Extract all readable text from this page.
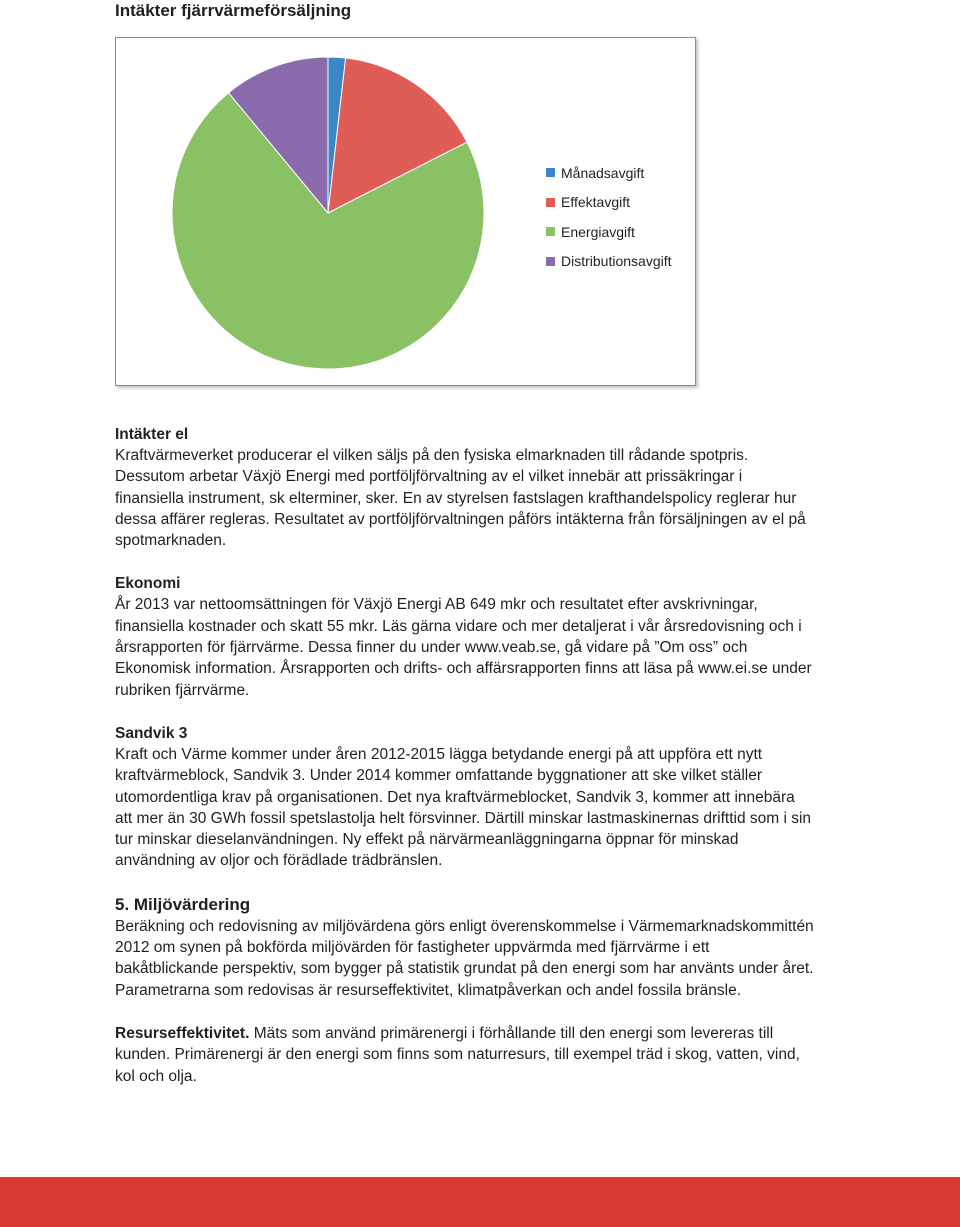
Intäkter fjärrvärmeförsäljning
Månadsavgift
Effektavgift
Energiavgift
Distributionsavgift
Intäkter el

Kraftvärmeverket producerar el vilken säljs på den fysiska elmarknaden till rådande spotpris. Dessutom arbetar Växjö Energi med portföljförvaltning av el vilket innebär att prissäkringar i finansiella instrument, sk elterminer, sker. En av styrelsen fastslagen krafthandelspolicy reglerar hur dessa affärer regleras. Resultatet av portföljförvaltningen påförs intäkterna från försäljningen av el på spotmarknaden.

Ekonomi

År 2013 var nettoomsättningen för Växjö Energi AB 649 mkr och resultatet efter avskrivningar, finansiella kostnader och skatt 55 mkr. Läs gärna vidare och mer detaljerat i vår årsredovisning och i årsrapporten för fjärrvärme. Dessa finner du under www.veab.se, gå vidare på ”Om oss” och Ekonomisk information. Årsrapporten och drifts- och affärsrapporten finns att läsa på www.ei.se under rubriken fjärrvärme.

Sandvik 3

Kraft och Värme kommer under åren 2012-2015 lägga betydande energi på att uppföra ett nytt kraftvärmeblock, Sandvik 3. Under 2014 kommer omfattande byggnationer att ske vilket ställer utomordentliga krav på organisationen. Det nya kraftvärmeblocket, Sandvik 3, kommer att innebära att mer än 30 GWh fossil spetslastolja helt försvinner. Därtill minskar lastmaskinernas drifttid som i sin tur minskar dieselanvändningen. Ny effekt på närvärmeanläggningarna öppnar för minskad användning av oljor och förädlade trädbränslen.

5. Miljövärdering

Beräkning och redovisning av miljövärdena görs enligt överenskommelse i Värmemarknadskommittén 2012 om synen på bokförda miljövärden för fastigheter uppvärmda med fjärrvärme i ett bakåtblickande perspektiv, som bygger på statistik grundat på den energi som har använts under året. Parametrarna som redovisas är resurseffektivitet, klimatpåverkan och andel fossila bränsle.

Resurseffektivitet. Mäts som använd primärenergi i förhållande till den energi som levereras till kunden. Primärenergi är den energi som finns som naturresurs, till exempel träd i skog, vatten, vind, kol och olja.
